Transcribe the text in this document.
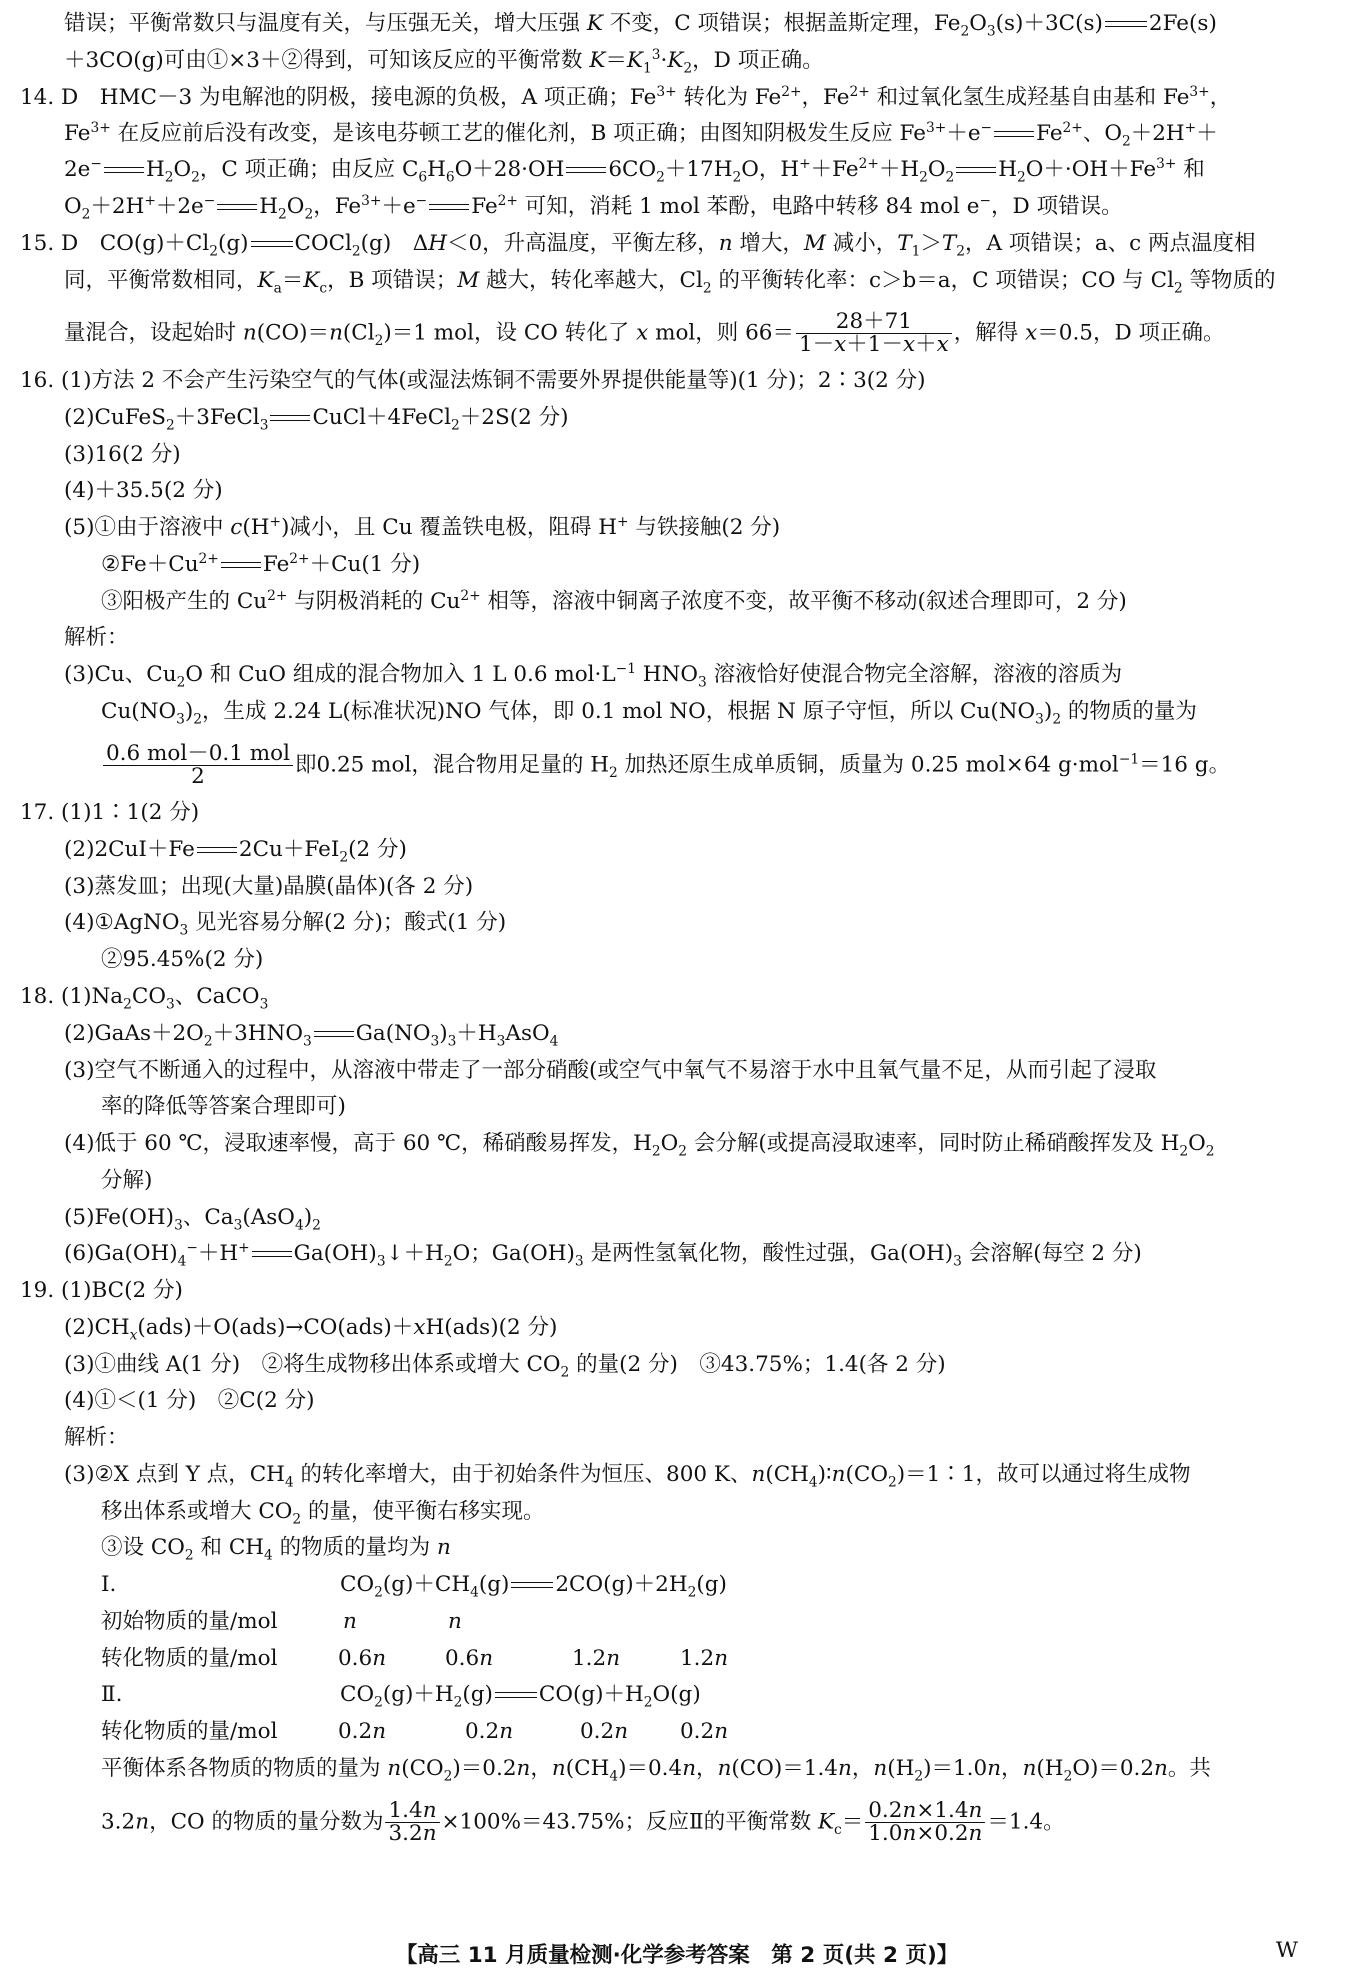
错误；平衡常数只与温度有关，与压强无关，增大压强 K 不变，C 项错误；根据盖斯定理，$Fe_2O_3(s)+3C(s)$ 2Fe(s)
＋3CO(g)可由①×3＋②得到，可知该反应的平衡常数 $K=K_1^3\cdot K_2$，D 项正确。
14. D　HMC－3 为电解池的阴极，接电源的负极，A 项正确；$Fe^{3+}$ 转化为 $Fe^{2+}$，$Fe^{2+}$ 和过氧化氢生成羟基自由基和 $Fe^{3+}$，
$Fe^{3+}$ 在反应前后没有改变，是该电芬顿工艺的催化剂，B 项正确；由图知阴极发生反应 $Fe^{3+}+e^-$ $Fe^{2+}$、$O_2+2H^++$
2e− $H_2O_2$，C 项正确；由反应 $C_6H_6O+28\cdot OH$ $6CO_2+17H_2O$，$H^++Fe^{2+}+H_2O_2$ $H_2O+\cdot OH+Fe^{3+}$ 和
$O_2+2H^++2e^-$ $H_2O_2$，$Fe^{3+}+e^-$ $Fe^{2+}$ 可知，消耗 1 mol 苯酚，电路中转移 84 mol e−，D 项错误。
15. D　$CO(g)+Cl_2(g)$ COCl$_2$(g)　ΔH＜0，升高温度，平衡左移，n 增大，M 减小，$T_1>T_2$，A 项错误；a、c 两点温度相
同，平衡常数相同，$K_a=K_c$，B 项错误；M 越大，转化率越大，$Cl_2$ 的平衡转化率：c＞b＝a，C 项错误；CO 与 $Cl_2$ 等物质的
量混合，设起始时 $n(CO)=n(Cl_2)=1$ mol，设 CO 转化了 x mol，则 $66= \frac{28+71}{1-x+1-x+x}$ ，解得 x＝0.5，D 项正确。
16. (1)方法 2 不会产生污染空气的气体(或湿法炼铜不需要外界提供能量等)(1 分)；2∶3(2 分)
(2)CuFeS$_2$＋3FeCl$_3$ CuCl＋4FeCl$_2$＋2S(2 分)
(3)16(2 分)
(4)＋35.5(2 分)
(5)①由于溶液中 c(H+)减小，且 Cu 覆盖铁电极，阻碍 H+ 与铁接触(2 分)
$②Fe+Cu^{2+}$ $Fe^{2+}+Cu(1$ 分)
③阳极产生的 $Cu^{2+}$ 与阴极消耗的 $Cu^{2+}$ 相等，溶液中铜离子浓度不变，故平衡不移动(叙述合理即可，2 分)
解析：
(3)Cu、$Cu_2O$ 和 CuO 组成的混合物加入 1 L 0.6 $mol\cdot L^{-1}$ $HNO_3$ 溶液恰好使混合物完全溶解，溶液的溶质为
$Cu(NO_3)_2$，生成 2.24 L(标准状况)NO 气体，即 0.1 mol NO，根据 N 原子守恒，所以 $Cu(NO_3)_2$ 的物质的量为
$\frac{\text{0.6 mol－0.1 mol}}{2}$ 即0.25 mol，混合物用足量的 $H_2$ 加热还原生成单质铜，质量为 0.25 mol×64 g·mol$^{-1}$＝16 g。
17. (1)1∶1(2 分)
(2)2CuI＋Fe 2Cu＋FeI$_2$(2 分)
(3)蒸发皿；出现(大量)晶膜(晶体)(各 2 分)
(4)①AgNO$_3$ 见光容易分解(2 分)；酸式(1 分)
②95.45%(2 分)
18. $(1)Na_2CO_3$、CaCO$_3$
$(2)GaAs+2O_2+3HNO_3$ $Ga(NO_3)_3+H_3AsO_4$
(3)空气不断通入的过程中，从溶液中带走了一部分硝酸(或空气中氧气不易溶于水中且氧气量不足，从而引起了浸取
率的降低等答案合理即可)
(4)低于 60 ℃，浸取速率慢，高于 60 ℃，稀硝酸易挥发，$H_2O_2$ 会分解(或提高浸取速率，同时防止稀硝酸挥发及 $H_2O_2$
分解)
$(5)Fe(OH)_3$、$Ca_3(AsO_4)_2$
$(6)Ga(OH)_4^-+H^+$ $Ga(OH)_3↓+H_2O$；$Ga(OH)_3$ 是两性氢氧化物，酸性过强，$Ga(OH)_3$ 会溶解(每空 2 分)
19. (1)BC(2 分)
$(2)CH_x(ads)+O(ads)\to CO(ads)+xH(ads)(2$ 分)
(3)①曲线 A(1 分)　②将生成物移出体系或增大 $CO_2$ 的量(2 分)　③43.75%；1.4(各 2 分)
(4)①＜(1 分)　②C(2 分)
解析：
(3)②X 点到 Y 点，$CH_4$ 的转化率增大，由于初始条件为恒压、800 K、$n(CH_4)∶n(CO_2)=1∶1$，故可以通过将生成物
移出体系或增大 $CO_2$ 的量，使平衡右移实现。
③设 $CO_2$ 和 $CH_4$ 的物质的量均为 n
Ⅰ.	$CO_2(g)+CH_4(g)$ $2CO(g)+2H_2(g)$
初始物质的量/mol	n	n
转化物质的量/mol	0.6n	0.6n	1.2n	1.2n
Ⅱ.	$CO_2(g)+H_2(g)$ $CO(g)+H_2O(g)$
转化物质的量/mol	0.2n	0.2n	0.2n 0.2n
平衡体系各物质的物质的量为 $n(CO_2)=0.2n$，$n(CH_4)=0.4n$，n(CO)＝1.4n，$n(H_2)=1.0n$，$n(H_2O)=0.2n$。共
3.2n，CO 的物质的量分数为 $\frac{1.4n}{3.2n} \times 100\%=43.75\%$；反应Ⅱ的平衡常数 $K_c= \frac{0.2n\times 1.4n}{1.0n\times 0.2n} =1.4$。
【高三 11 月质量检测·化学参考答案　第 2 页(共 2 页)】	W
